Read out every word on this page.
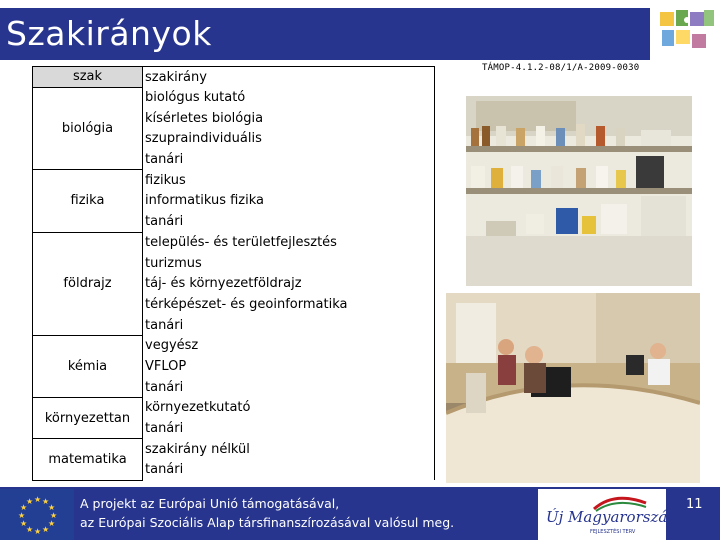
Szakirányok
TÁMOP-4.1.2-08/1/A-2009-0030
szak	szakirány
biológia	biológus kutató
	kísérletes biológia
	szupraindividuális
	tanári
fizika	fizikus
	informatikus fizika
	tanári
földrajz	település- és területfejlesztés
	turizmus
	táj- és környezetföldrajz
	térképészet- és geoinformatika
	tanári
kémia	vegyész
	VFLOP
	tanári
környezettan	környezetkutató
	tanári
matematika	szakirány nélkül
	tanári
★ ★
★
★
★
★
★
★
★
★
★
★	A projekt az Európai Unió támogatásával,
az Európai Szociális Alap társfinanszírozásával valósul meg.	Új Magyarország
FEJLESZTÉSI TERV
11
